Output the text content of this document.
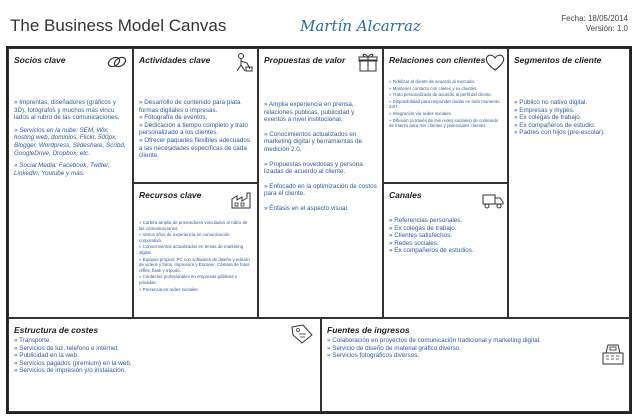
The Business Model Canvas	Martín Alcarraz	Fecha: 18/05/2014
Versión: 1.0
Socios clave

» Imprentas, diseñadores (gráficos y 3D), fotógrafos y muchos más vincu lados al rubro de las comunicaciones.

» Servicios en la nube: SEM, Wix, hosting web, dominios, Flickr, 500px, Blogger, Wordpress, Slideshare, Scribd, GoogleDrive, Dropbox, etc.

» Social Media: Facebook, Twitter, LinkedIn, Youtube y más.

Actividades clave
» Desarrollo de contenido para plata formas digitales o impresas.
» Fotografía de eventos.
» Dedicación a tiempo completo y trato personalizado a los clientes.
» Ofrecer paquetes flexibles adecuados a las necesidades específicas de cada cliente.
Recursos clave

» Cartera amplia de proveedores vinculados al rubro de las comunicaciones.

» Varios años de experiencia en comunicación corporativa.

» Conocimientos actualizados en temas de marketing digital.

» Equipos propios: PC con softwares de diseño y edición de videos y fotos. Impresora y Escaner. Cámara de fotos réflex, flash y trípode.

» Contactos profesionales en empresas públicas y privadas.

» Presencia en redes sociales.

Propuestas de valor

» Amplia experiencia en prensa, relaciones públicas, publicidad y eventos a nivel institucional.

» Conocimientos actualizados en marketing digital y herramientas de medición 2.0.

» Propuestas novedosas y persona lizadas de acuerdo al cliente.

» Enfocado en la optimización de costos para el cliente.

» Énfasis en el aspecto visual.

Relaciones con clientes

» Fidelizar al cliente de acuerdo al mercado.

» Mantener contacto con clietes y ex clientes.

» Trato personalizado de acuerdo al perfil del cliente.

» Disponibilidad para responder dudas en todo momento 24/7.

» Integración vía redes sociales.

» Difusión (a través de mis redes sociales) de contenido de interés para mis clientes y potenciales clientes.

Canales
» Referencias personales.
» Ex colegas de trabajo.
» Clientes satisfechos.
» Redes sociales.
» Ex compañeros de estudios.
Segmentos de cliente
» Público no nativo digital.
» Empresas y mypes.
» Ex colegas de trabajo.
» Ex compañeros de estudio.
» Padres con hijos (pre-escolar).
Estructura de costes
» Transporte.
» Servicios de luz, telefono e internet.
» Publicidad en la web.
» Servicios pagados (premium) en la web.
» Servicios de impresión y/o instalación.
Fuentes de ingresos
» Colaboración en proyectos de comunicación tradicional y marketing digital.
» Servicio de diseño de material gráfico diverso.
» Servicios fotográficos diversos.
